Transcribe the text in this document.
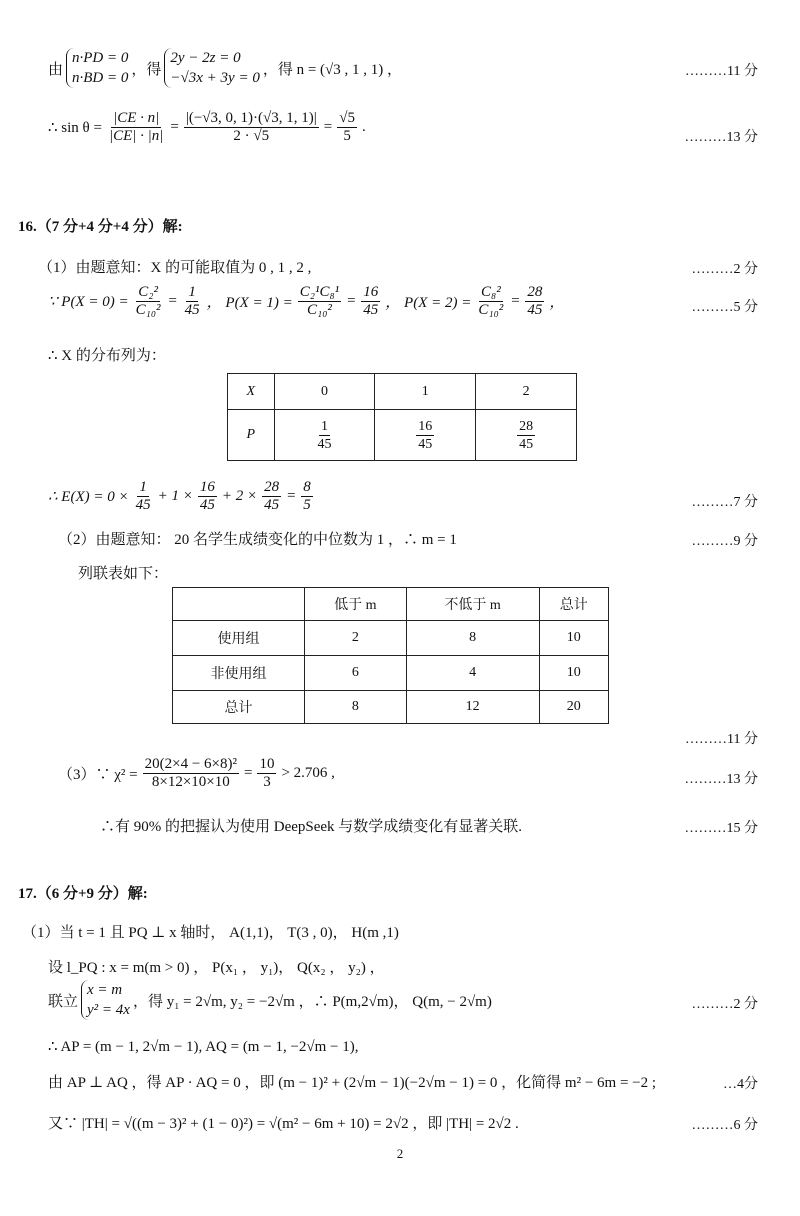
由
n·PD = 0
n·BD = 0
，得
2y − 2z = 0
−√3x + 3y = 0
，得 n = (√3 , 1 , 1) ，	………11 分
∴ $\sin \theta = \frac{|CE \cdot n|}{|CE| \cdot |n|} = \frac{|(-√3, 0, 1)\cdot(√3, 1, 1)|}{2 \cdot √5} = \frac{√5}{5}$ .
………13 分
16.（7 分+4 分+4 分）解:
（1）由题意知：X 的可能取值为 0 , 1 , 2 ,	………2 分
∵ $P(X = 0) = \frac{\text{C₂²}}{\text{C₁₀²}} = \frac{1}{45}$ ， $P(X = 1) = \frac{\text{C₂¹C₈¹}}{\text{C₁₀²}} = \frac{16}{45}$ ， $P(X = 2) = \frac{\text{C₈²}}{\text{C₁₀²}} = \frac{28}{45}$ ，	………5 分
∴ X 的分布列为：
X	0	1	2
P	$\frac{1}{45}$	$\frac{16}{45}$	$\frac{28}{45}$
∴ $E(X) = 0 \times \frac{1}{45} + 1 \times \frac{16}{45} + 2 \times \frac{28}{45} = \frac{8}{5}$	………7 分
（2）由题意知： 20 名学生成绩变化的中位数为 1 ，∴ m = 1	………9 分
列联表如下：
	低于 m	不低于 m	总计
使用组	2	8	10
非使用组	6	4	10
总计	8	12	20
………11 分
（3）∵ $\chi^2 = \frac{\text{20(2×4 − 6×8)²}}{8\times 12\times 10\times 10} = \frac{10}{3} > 2.706$ ,	………13 分
∴有 90% 的把握认为使用 DeepSeek 与数学成绩变化有显著关联.	………15 分
17.（6 分+9 分）解:
（1）当 t = 1 且 PQ ⊥ x 轴时， A(1,1)， T(3 , 0)， H(m ,1)
设 l_PQ : x = m(m > 0) ， P(x₁ ， y₁)， Q(x₂ ， y₂) ，
联立
x = m
y² = 4x
，得 y₁ = 2√m, y₂ = −2√m ，∴ P(m,2√m)， Q(m, − 2√m)	………2 分
∴ AP = (m − 1, 2√m − 1), AQ = (m − 1, −2√m − 1),
由 AP ⊥ AQ ，得 AP · AQ = 0 ，即 (m − 1)² + (2√m − 1)(−2√m − 1) = 0 ，化简得 m² − 6m = −2 ;	…4分
又∵ |TH| = √((m − 3)² + (1 − 0)²) = √(m² − 6m + 10) = 2√2 ，即 |TH| = 2√2 .	………6 分
2
